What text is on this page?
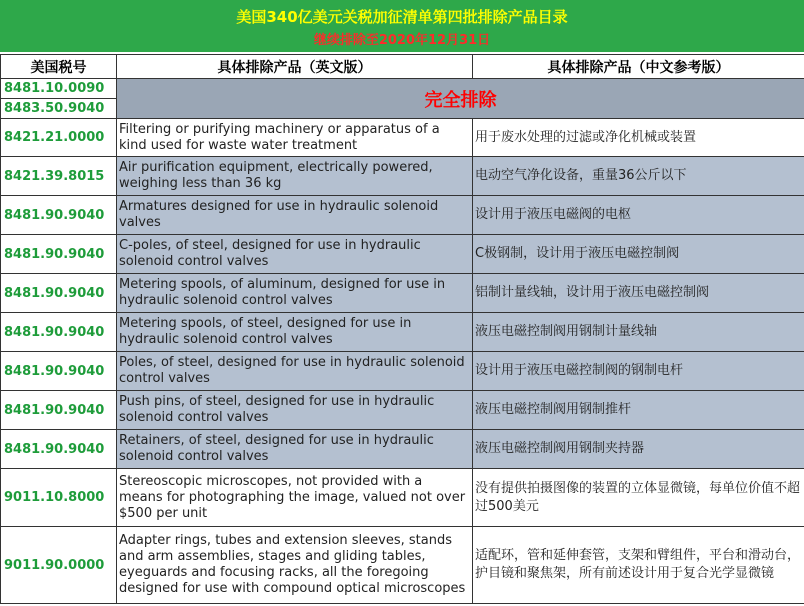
美国340亿美元关税加征清单第四批排除产品目录
继续排除至2020年12月31日
美国税号	具体排除产品（英文版）	具体排除产品（中文参考版）

8481.10.0090
8483.50.9040	完全排除	
8421.21.0000	Filtering or purifying machinery or apparatus of a kind used for waste water treatment	用于废水处理的过滤或净化机械或装置
8421.39.8015	Air purification equipment, electrically powered, weighing less than 36 kg	电动空气净化设备，重量36公斤以下
8481.90.9040	Armatures designed for use in hydraulic solenoid valves	设计用于液压电磁阀的电枢
8481.90.9040	C-poles, of steel, designed for use in hydraulic solenoid control valves	C极钢制，设计用于液压电磁控制阀
8481.90.9040	Metering spools, of aluminum, designed for use in hydraulic solenoid control valves	铝制计量线轴，设计用于液压电磁控制阀
8481.90.9040	Metering spools, of steel, designed for use in hydraulic solenoid control valves	液压电磁控制阀用钢制计量线轴
8481.90.9040	Poles, of steel, designed for use in hydraulic solenoid control valves	设计用于液压电磁控制阀的钢制电杆
8481.90.9040	Push pins, of steel, designed for use in hydraulic solenoid control valves	液压电磁控制阀用钢制推杆
8481.90.9040	Retainers, of steel, designed for use in hydraulic solenoid control valves	液压电磁控制阀用钢制夹持器
9011.10.8000	Stereoscopic microscopes, not provided with a means for photographing the image, valued not over $500 per unit	没有提供拍摄图像的装置的立体显微镜，每单位价值不超过500美元
9011.90.0000	Adapter rings, tubes and extension sleeves, stands and arm assemblies, stages and gliding tables, eyeguards and focusing racks, all the foregoing designed for use with compound optical microscopes	适配环，管和延伸套管，支架和臂组件，平台和滑动台，护目镜和聚焦架，所有前述设计用于复合光学显微镜
